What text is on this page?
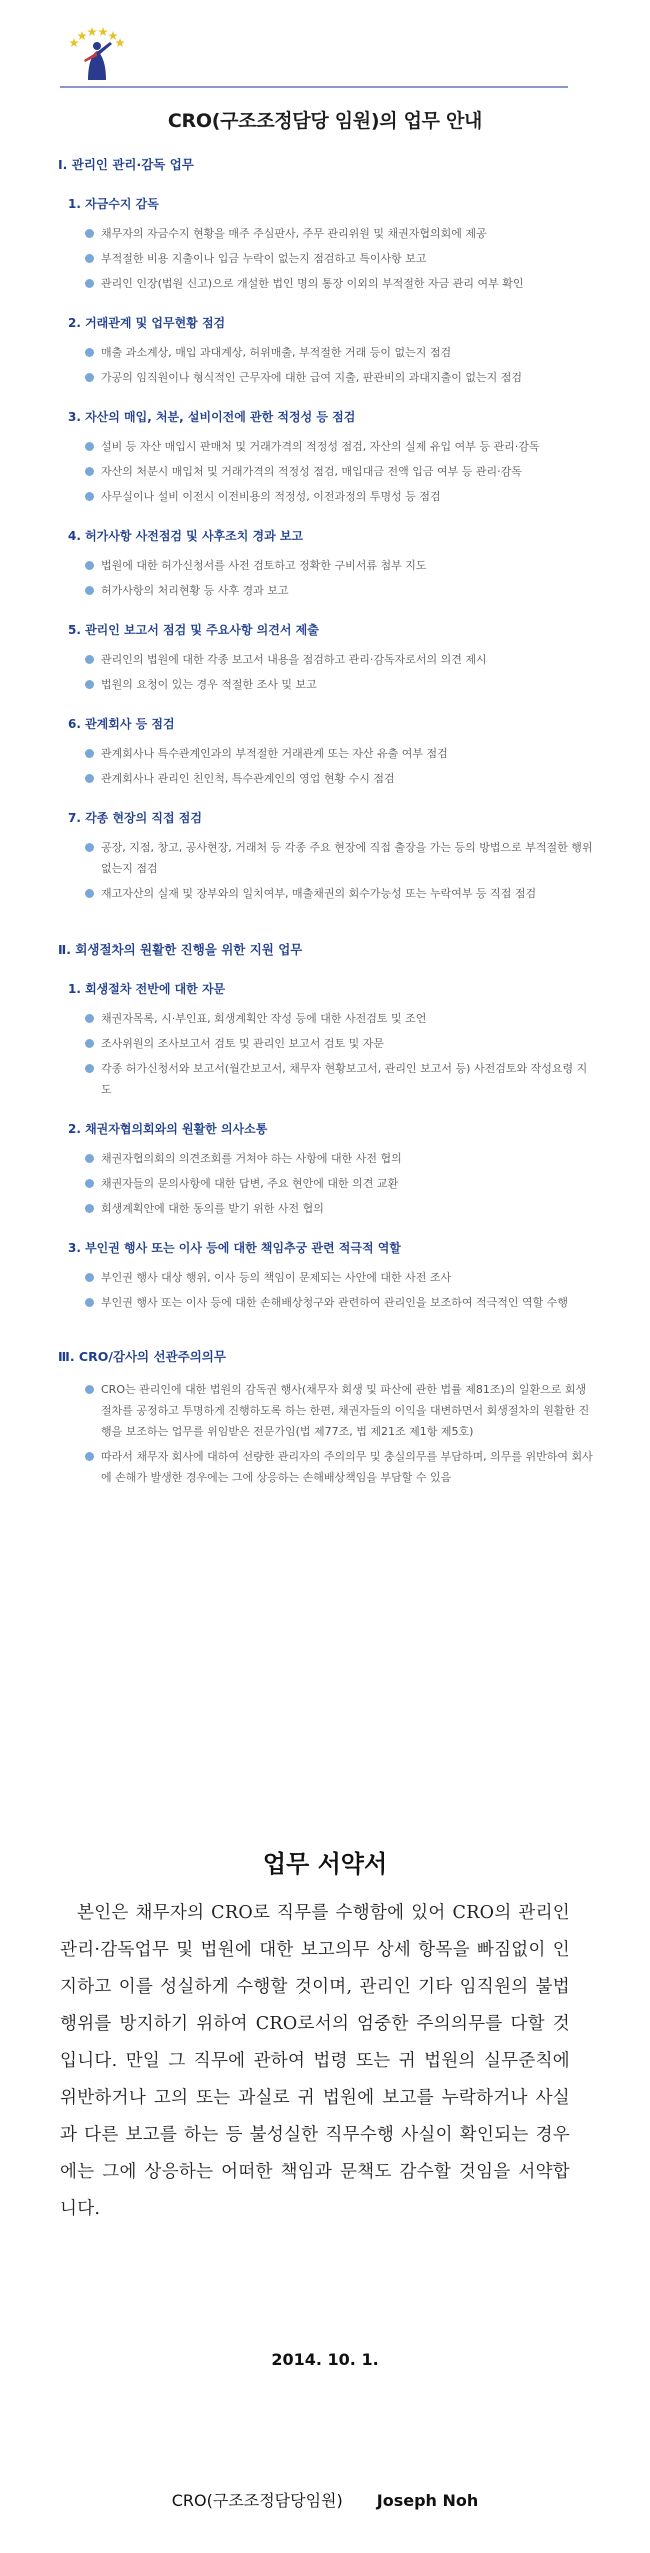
CRO(구조조정담당 임원)의 업무 안내
Ⅰ. 관리인 관리·감독 업무
1. 자금수지 감독
채무자의 자금수지 현황을 매주 주심판사, 주무 관리위원 및 채권자협의회에 제공
부적절한 비용 지출이나 입금 누락이 없는지 점검하고 특이사항 보고
관리인 인장(법원 신고)으로 개설한 법인 명의 통장 이외의 부적절한 자금 관리 여부 확인
2. 거래관계 및 업무현황 점검
매출 과소계상, 매입 과대계상, 허위매출, 부적절한 거래 등이 없는지 점검
가공의 임직원이나 형식적인 근무자에 대한 급여 지출, 판관비의 과대지출이 없는지 점검
3. 자산의 매입, 처분, 설비이전에 관한 적정성 등 점검
설비 등 자산 매입시 판매처 및 거래가격의 적정성 점검, 자산의 실제 유입 여부 등 관리·감독
자산의 처분시 매입처 및 거래가격의 적정성 점검, 매입대금 전액 입금 여부 등 관리·감독
사무실이나 설비 이전시 이전비용의 적정성, 이전과정의 투명성 등 점검
4. 허가사항 사전점검 및 사후조치 경과 보고
법원에 대한 허가신청서를 사전 검토하고 정확한 구비서류 첨부 지도
허가사항의 처리현황 등 사후 경과 보고
5. 관리인 보고서 점검 및 주요사항 의견서 제출
관리인의 법원에 대한 각종 보고서 내용을 점검하고 관리·감독자로서의 의견 제시
법원의 요청이 있는 경우 적절한 조사 및 보고
6. 관계회사 등 점검
관계회사나 특수관계인과의 부적절한 거래관계 또는 자산 유출 여부 점검
관계회사나 관리인 친인척, 특수관계인의 영업 현황 수시 점검
7. 각종 현장의 직접 점검
공장, 지점, 창고, 공사현장, 거래처 등 각종 주요 현장에 직접 출장을 가는 등의 방법으로 부적절한 행위 없는지 점검
재고자산의 실재 및 장부와의 일치여부, 매출채권의 회수가능성 또는 누락여부 등 직접 점검
Ⅱ. 회생절차의 원활한 진행을 위한 지원 업무
1. 회생절차 전반에 대한 자문
채권자목록, 시·부인표, 회생계획안 작성 등에 대한 사전검토 및 조언
조사위원의 조사보고서 검토 및 관리인 보고서 검토 및 자문
각종 허가신청서와 보고서(월간보고서, 채무자 현황보고서, 관리인 보고서 등) 사전검토와 작성요령 지도
2. 채권자협의회와의 원활한 의사소통
채권자협의회의 의견조회를 거쳐야 하는 사항에 대한 사전 협의
채권자들의 문의사항에 대한 답변, 주요 현안에 대한 의견 교환
회생계획안에 대한 동의를 받기 위한 사전 협의
3. 부인권 행사 또는 이사 등에 대한 책임추궁 관련 적극적 역할
부인권 행사 대상 행위, 이사 등의 책임이 문제되는 사안에 대한 사전 조사
부인권 행사 또는 이사 등에 대한 손해배상청구와 관련하여 관리인을 보조하여 적극적인 역할 수행
Ⅲ. CRO/감사의 선관주의의무
CRO는 관리인에 대한 법원의 감독권 행사(채무자 회생 및 파산에 관한 법률 제81조)의 일환으로 회생절차를 공정하고 투명하게 진행하도록 하는 한편, 채권자들의 이익을 대변하면서 회생절차의 원활한 진행을 보조하는 업무를 위임받은 전문가임(법 제77조, 법 제21조 제1항 제5호)
따라서 채무자 회사에 대하여 선량한 관리자의 주의의무 및 충실의무를 부담하며, 의무를 위반하여 회사에 손해가 발생한 경우에는 그에 상응하는 손해배상책임을 부담할 수 있음
업무 서약서
본인은 채무자의 CRO로 직무를 수행함에 있어 CRO의 관리인 관리·감독업무 및 법원에 대한 보고의무 상세 항목을 빠짐없이 인지하고 이를 성실하게 수행할 것이며, 관리인 기타 임직원의 불법행위를 방지하기 위하여 CRO로서의 엄중한 주의의무를 다할 것입니다. 만일 그 직무에 관하여 법령 또는 귀 법원의 실무준칙에 위반하거나 고의 또는 과실로 귀 법원에 보고를 누락하거나 사실과 다른 보고를 하는 등 불성실한 직무수행 사실이 확인되는 경우에는 그에 상응하는 어떠한 책임과 문책도 감수할 것임을 서약합니다.
2014. 10. 1.
CRO(구조조정담당임원) Joseph Noh
